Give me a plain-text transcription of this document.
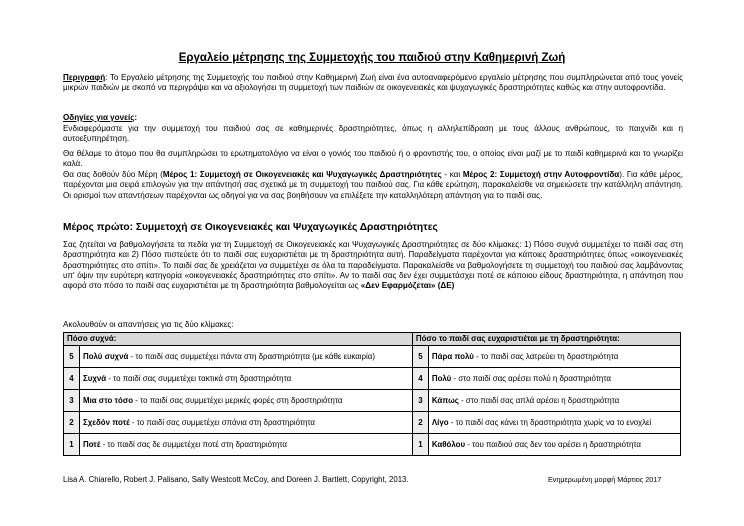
Εργαλείο μέτρησης της Συμμετοχής του παιδιού στην Καθημερινή Ζωή
Περιγραφή: Το Εργαλείο μέτρησης της Συμμετοχής του παιδιού στην Καθημερινή Ζωή είναι ένα αυτοαναφερόμενο εργαλείο μέτρησης που συμπληρώνεται από τους γονείς μικρών παιδιών με σκοπό να περιγράψει και να αξιολογήσει τη συμμετοχή των παιδιών σε οικογενειακές και ψυχαγωγικές δραστηριότητες καθώς και στην αυτοφροντίδα.
Οδηγίες για γονείς:
Ενδιαφερόμαστε για την συμμετοχή του παιδιού σας σε καθημερινές δραστηριότητες, όπως η αλληλεπίδραση με τους άλλους ανθρώπους, το παιχνίδι και η αυτοεξυπηρέτηση.
Θα θέλαμε το άτομο που θα συμπληρώσει το ερωτηματολόγιο να είναι ο γονιός του παιδιού ή ο φροντιστής του, ο οποίος είναι μαζί με το παιδί καθημερινά και το γνωρίζει καλά.
Θα σας δοθούν δύο Μέρη (Μέρος 1: Συμμετοχή σε Οικογενειακές και Ψυχαγωγικές Δραστηριότητες - και Μέρος 2: Συμμετοχή στην Αυτοφροντίδα). Για κάθε μέρος, παρέχονται μια σειρά επιλογών για την απάντησή σας σχετικά με τη συμμετοχή του παιδιού σας. Για κάθε ερώτηση, παρακαλείσθε να σημειώσετε την κατάλληλη απάντηση. Οι ορισμοί των απαντήσεων παρέχονται ως οδηγοί για να σας βοηθήσουν να επιλέξετε την καταλληλότερη απάντηση για το παιδί σας.
Μέρος πρώτο: Συμμετοχή σε Οικογενειακές και Ψυχαγωγικές Δραστηριότητες
Σας ζητείται να βαθμολογήσετε τα πεδία για τη Συμμετοχή σε Οικογενειακές και Ψυχαγωγικές Δραστηριότητες σε δύο κλίμακες: 1) Πόσο συχνά συμμετέχει το παιδί σας στη δραστηριότητα και 2) Πόσο πιστεύετε ότι το παιδί σας ευχαριστιέται με τη δραστηριότητα αυτή. Παραδείγματα παρέχονται για κάποιες δραστηριότητες όπως «οικογενειακές δραστηριότητες στο σπίτι». Το παιδί σας δε χρειάζεται να συμμετέχει σε όλα τα παραδείγματα. Παρακαλείσθε να βαθμολογήσετε τη συμμετοχή του παιδιού σας λαμβάνοντας υπ' όψιν την ευρύτερη κατηγορία «οικογενειακές δραστηριότητες στο σπίτι». Αν το παιδί σας δεν έχει συμμετάσχει ποτέ σε κάποιου είδους δραστηριότητα, η απάντηση που αφορά στο πόσο το παιδί σας ευχαριστιέται με τη δραστηριότητα βαθμολογείται ως «Δεν Εφαρμόζεται» (ΔΕ)
Ακολουθούν οι απαντήσεις για τις δύο κλίμακες:
Πόσο συχνά:		Πόσο το παιδί σας ευχαριστιέται με τη δραστηριότητα:	
5	Πολύ συχνά - το παιδί σας συμμετέχει πάντα στη δραστηριότητα (με κάθε ευκαιρία)	5	Πάρα πολύ - το παιδί σας λατρεύει τη δραστηριότητα
4	Συχνά - το παιδί σας συμμετέχει τακτικά στη δραστηριότητα	4	Πολύ - στο παιδί σας αρέσει πολύ η δραστηριότητα
3	Μια στο τόσο - το παιδί σας συμμετέχει μερικές φορές στη δραστηριότητα	3	Κάπως - στο παιδί σας απλά αρέσει η δραστηριότητα
2	Σχεδόν ποτέ - το παιδί σας συμμετέχει σπάνια στη δραστηριότητα	2	Λίγο - το παιδί σας κάνει τη δραστηριότητα χωρίς να το ενοχλεί
1	Ποτέ - το παιδί σας δε συμμετέχει ποτέ στη δραστηριότητα	1	Καθόλου - του παιδιού σας δεν του αρέσει η δραστηριότητα
Lisa A. Chiarello, Robert J. Palisano, Sally Westcott McCoy, and Doreen J. Bartlett, Copyright, 2013.	Ενημερωμένη μορφή Μάρτιος 2017
